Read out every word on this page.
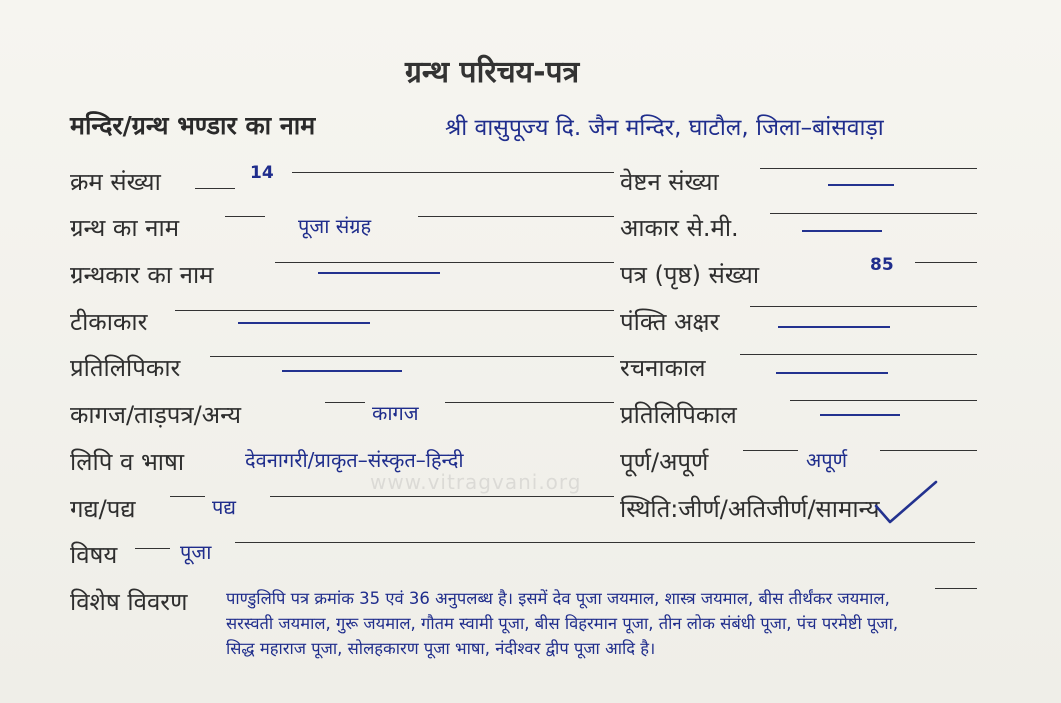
ग्रन्थ परिचय-पत्र
मन्दिर/ग्रन्थ भण्डार का नाम	श्री वासुपूज्य दि. जैन मन्दिर, घाटौल, जिला–बांसवाड़ा
क्रम संख्या	14
ग्रन्थ का नाम	पूजा संग्रह
ग्रन्थकार का नाम
टीकाकार
प्रतिलिपिकार
कागज/ताड़पत्र/अन्य	कागज
लिपि व भाषा	देवनागरी/प्राकृत–संस्कृत–हिन्दी
गद्य/पद्य	पद्य
विषय	पूजा
वेष्टन संख्या
आकार से.मी.
पत्र (पृष्ठ) संख्या	85
पंक्ति अक्षर
रचनाकाल
प्रतिलिपिकाल
पूर्ण/अपूर्ण	अपूर्ण
स्थिति:जीर्ण/अतिजीर्ण/सामान्य
विशेष विवरण पाण्डुलिपि पत्र क्रमांक 35 एवं 36 अनुपलब्ध है। इसमें देव पूजा जयमाल, शास्त्र जयमाल, बीस तीर्थंकर जयमाल, सरस्वती जयमाल, गुरू जयमाल, गौतम स्वामी पूजा, बीस विहरमान पूजा, तीन लोक संबंधी पूजा, पंच परमेष्टी पूजा, सिद्ध महाराज पूजा, सोलहकारण पूजा भाषा, नंदीश्वर द्वीप पूजा आदि है।
www.vitragvani.org
